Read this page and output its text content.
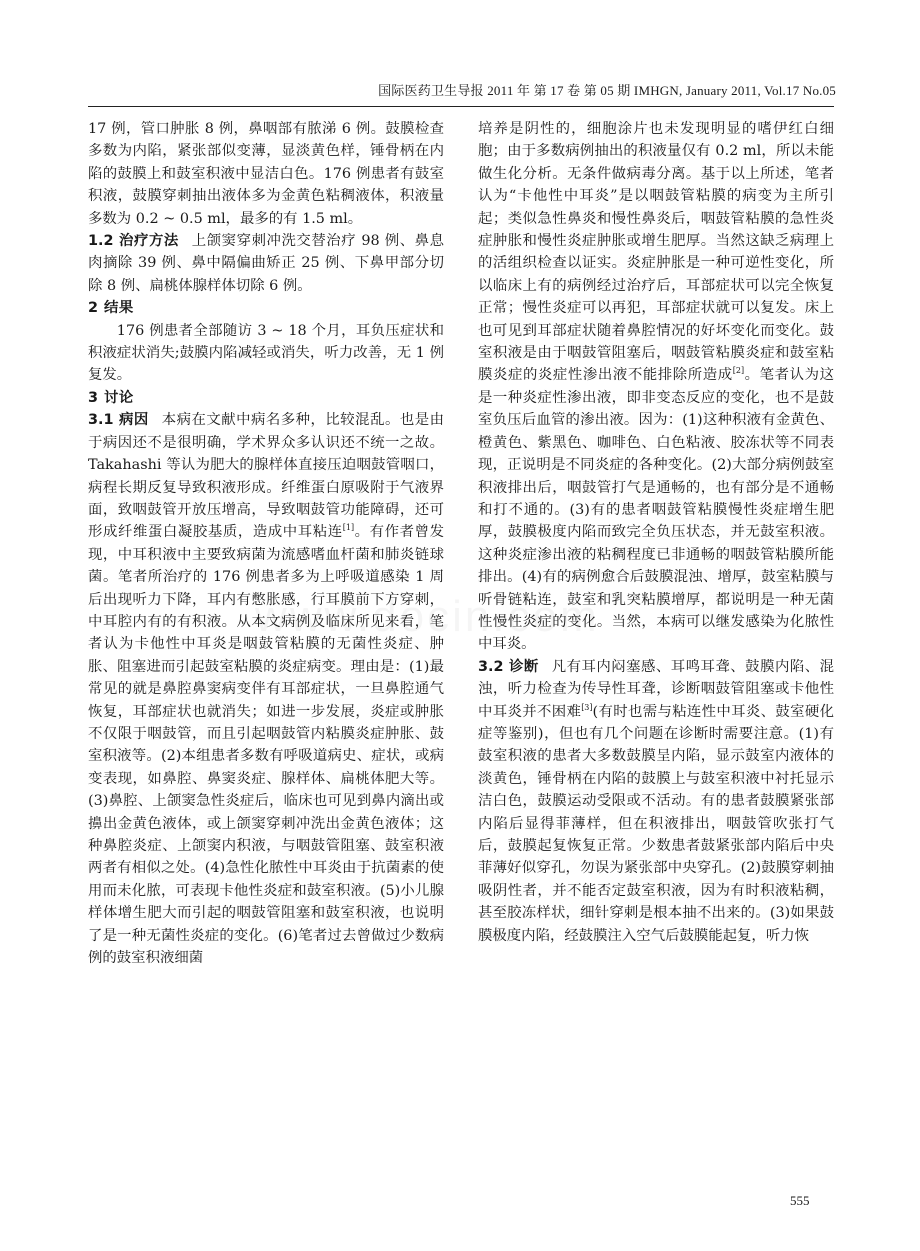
国际医药卫生导报 2011 年 第 17 卷 第 05 期 IMHGN, January 2011, Vol.17 No.05

17 例，管口肿胀 8 例，鼻咽部有脓涕 6 例。鼓膜检查多数为内陷，紧张部似变薄，显淡黄色样，锤骨柄在内陷的鼓膜上和鼓室积液中显洁白色。176 例患者有鼓室积液，鼓膜穿刺抽出液体多为金黄色粘稠液体，积液量多数为 0.2 ~ 0.5 ml，最多的有 1.5 ml。

1.2 治疗方法 上颌窦穿刺冲洗交替治疗 98 例、鼻息肉摘除 39 例、鼻中隔偏曲矫正 25 例、下鼻甲部分切除 8 例、扁桃体腺样体切除 6 例。

2 结果

176 例患者全部随访 3 ~ 18 个月，耳负压症状和积液症状消失;鼓膜内陷减轻或消失，听力改善，无 1 例复发。

3 讨论

3.1 病因 本病在文献中病名多种，比较混乱。也是由于病因还不是很明确，学术界众多认识还不统一之故。Takahashi 等认为肥大的腺样体直接压迫咽鼓管咽口，病程长期反复导致积液形成。纤维蛋白原吸附于气液界面，致咽鼓管开放压增高，导致咽鼓管功能障碍，还可形成纤维蛋白凝胶基质，造成中耳粘连[1]。有作者曾发现，中耳积液中主要致病菌为流感嗜血杆菌和肺炎链球菌。笔者所治疗的 176 例患者多为上呼吸道感染 1 周后出现听力下降，耳内有憋胀感，行耳膜前下方穿刺，中耳腔内有的有积液。从本文病例及临床所见来看，笔者认为卡他性中耳炎是咽鼓管粘膜的无菌性炎症、肿胀、阻塞进而引起鼓室粘膜的炎症病变。理由是：(1)最常见的就是鼻腔鼻窦病变伴有耳部症状，一旦鼻腔通气恢复，耳部症状也就消失；如进一步发展，炎症或肿胀不仅限于咽鼓管，而且引起咽鼓管内粘膜炎症肿胀、鼓室积液等。(2)本组患者多数有呼吸道病史、症状，或病变表现，如鼻腔、鼻窦炎症、腺样体、扁桃体肥大等。(3)鼻腔、上颌窦急性炎症后，临床也可见到鼻内滴出或擤出金黄色液体，或上颌窦穿刺冲洗出金黄色液体；这种鼻腔炎症、上颌窦内积液，与咽鼓管阻塞、鼓室积液两者有相似之处。(4)急性化脓性中耳炎由于抗菌素的使用而未化脓，可表现卡他性炎症和鼓室积液。(5)小儿腺样体增生肥大而引起的咽鼓管阻塞和鼓室积液，也说明了是一种无菌性炎症的变化。(6)笔者过去曾做过少数病例的鼓室积液细菌

培养是阴性的，细胞涂片也未发现明显的嗜伊红白细胞；由于多数病例抽出的积液量仅有 0.2 ml，所以未能做生化分析。无条件做病毒分离。基于以上所述，笔者认为“卡他性中耳炎”是以咽鼓管粘膜的病变为主所引起；类似急性鼻炎和慢性鼻炎后，咽鼓管粘膜的急性炎症肿胀和慢性炎症肿胀或增生肥厚。当然这缺乏病理上的活组织检查以证实。炎症肿胀是一种可逆性变化，所以临床上有的病例经过治疗后，耳部症状可以完全恢复正常；慢性炎症可以再犯，耳部症状就可以复发。床上也可见到耳部症状随着鼻腔情况的好坏变化而变化。鼓室积液是由于咽鼓管阻塞后，咽鼓管粘膜炎症和鼓室粘膜炎症的炎症性渗出液不能排除所造成[2]。笔者认为这是一种炎症性渗出液，即非变态反应的变化，也不是鼓室负压后血管的渗出液。因为：(1)这种积液有金黄色、橙黄色、紫黑色、咖啡色、白色粘液、胶冻状等不同表现，正说明是不同炎症的各种变化。(2)大部分病例鼓室积液排出后，咽鼓管打气是通畅的，也有部分是不通畅和打不通的。(3)有的患者咽鼓管粘膜慢性炎症增生肥厚，鼓膜极度内陷而致完全负压状态，并无鼓室积液。这种炎症渗出液的粘稠程度已非通畅的咽鼓管粘膜所能排出。(4)有的病例愈合后鼓膜混浊、增厚，鼓室粘膜与听骨链粘连，鼓室和乳突粘膜增厚，都说明是一种无菌性慢性炎症的变化。当然，本病可以继发感染为化脓性中耳炎。

3.2 诊断 凡有耳内闷塞感、耳鸣耳聋、鼓膜内陷、混浊，听力检查为传导性耳聋，诊断咽鼓管阻塞或卡他性中耳炎并不困难[3](有时也需与粘连性中耳炎、鼓室硬化症等鉴别)，但也有几个问题在诊断时需要注意。(1)有鼓室积液的患者大多数鼓膜呈内陷，显示鼓室内液体的淡黄色，锤骨柄在内陷的鼓膜上与鼓室积液中衬托显示洁白色，鼓膜运动受限或不活动。有的患者鼓膜紧张部内陷后显得菲薄样，但在积液排出，咽鼓管吹张打气后，鼓膜起复恢复正常。少数患者鼓紧张部内陷后中央菲薄好似穿孔，勿误为紧张部中央穿孔。(2)鼓膜穿刺抽吸阴性者，并不能否定鼓室积液，因为有时积液粘稠，甚至胶冻样状，细针穿刺是根本抽不出来的。(3)如果鼓膜极度内陷，经鼓膜注入空气后鼓膜能起复，听力恢

555
